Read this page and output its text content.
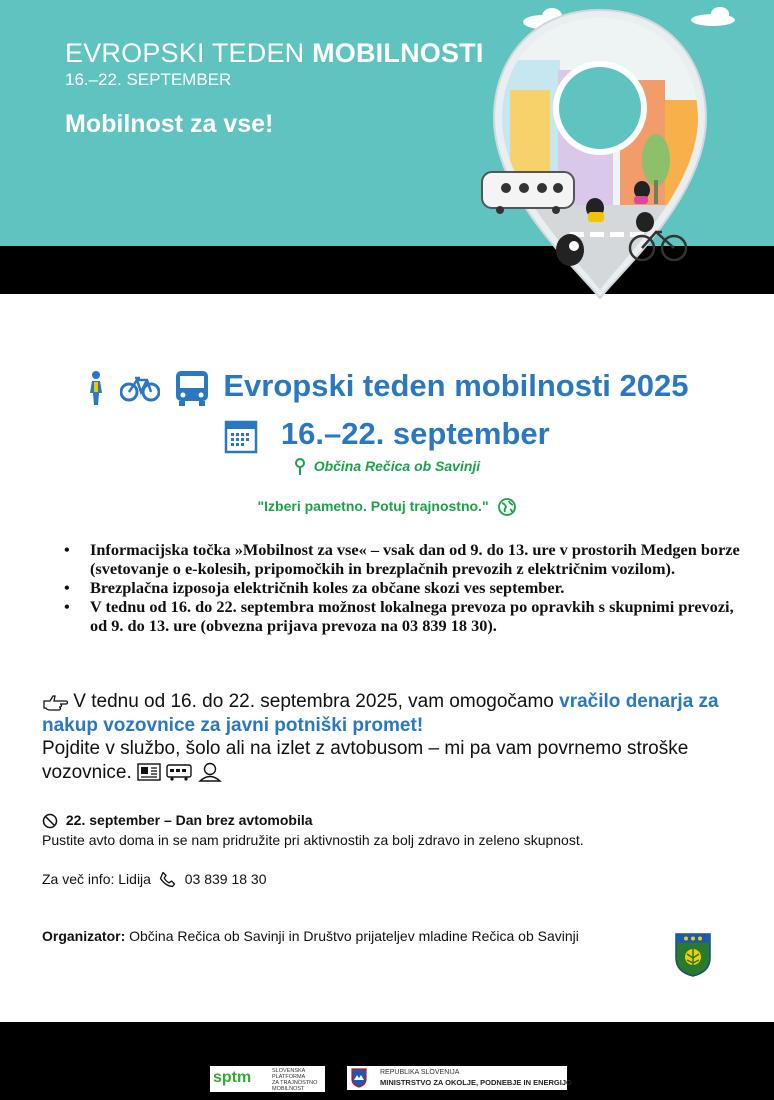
EVROPSKI TEDEN MOBILNOSTI
16.–22. SEPTEMBER
Mobilnost za vse!
Evropski teden mobilnosti 2025
16.–22. september
Občina Rečica ob Savinji
"Izberi pametno. Potuj trajnostno."
• Informacijska točka »Mobilnost za vse« – vsak dan od 9. do 13. ure v prostorih Medgen borze (svetovanje o e-kolesih, pripomočkih in brezplačnih prevozih z električnim vozilom).
• Brezplačna izposoja električnih koles za občane skozi ves september.
• V tednu od 16. do 22. septembra možnost lokalnega prevoza po opravkih s skupnimi prevozi, od 9. do 13. ure (obvezna prijava prevoza na 03 839 18 30).
V tednu od 16. do 22. septembra 2025, vam omogočamo vračilo denarja za nakup vozovnice za javni potniški promet!
Pojdite v službo, šolo ali na izlet z avtobusom – mi pa vam povrnemo stroške vozovnice.
22. september – Dan brez avtomobila
Pustite avto doma in se nam pridružite pri aktivnostih za bolj zdravo in zeleno skupnost.
Za več info: Lidija 03 839 18 30
Organizator: Občina Rečica ob Savinji in Društvo prijateljev mladine Rečica ob Savinji
sptm	SLOVENSKA
PLATFORMA
ZA TRAJNOSTNO
MOBILNOST
REPUBLIKA SLOVENIJA
MINISTRSTVO ZA OKOLJE, PODNEBJE IN ENERGIJO
